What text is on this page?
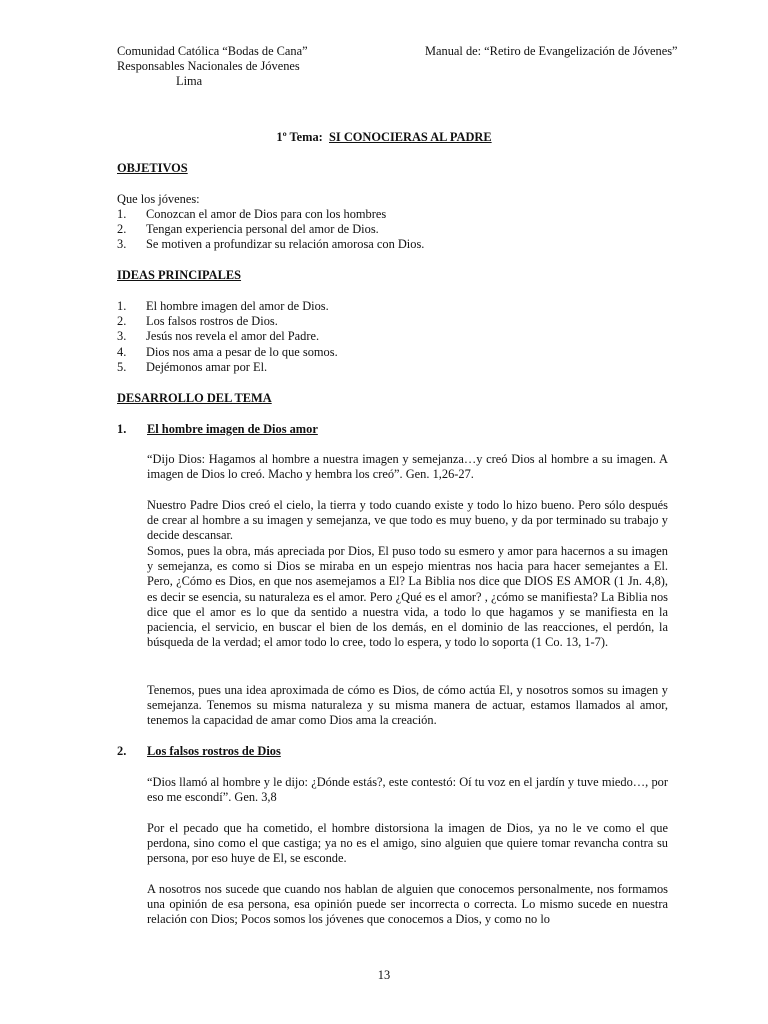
Comunidad Católica “Bodas de Cana”
Responsables Nacionales de Jóvenes
Lima
Manual de: “Retiro de Evangelización de Jóvenes”
1º Tema: SI CONOCIERAS AL PADRE
OBJETIVOS
Que los jóvenes:
1. Conozcan el amor de Dios para con los hombres
2. Tengan experiencia personal del amor de Dios.
3. Se motiven a profundizar su relación amorosa con Dios.
IDEAS PRINCIPALES
1. El hombre imagen del amor de Dios.
2. Los falsos rostros de Dios.
3. Jesús nos revela el amor del Padre.
4. Dios nos ama a pesar de lo que somos.
5. Dejémonos amar por El.
DESARROLLO DEL TEMA
1. El hombre imagen de Dios amor
“Dijo Dios: Hagamos al hombre a nuestra imagen y semejanza…y creó Dios al hombre a su imagen. A imagen de Dios lo creó. Macho y hembra los creó”. Gen. 1,26-27.
Nuestro Padre Dios creó el cielo, la tierra y todo cuando existe y todo lo hizo bueno. Pero sólo después de crear al hombre a su imagen y semejanza, ve que todo es muy bueno, y da por terminado su trabajo y decide descansar.
Somos, pues la obra, más apreciada por Dios, El puso todo su esmero y amor para hacernos a su imagen y semejanza, es como si Dios se miraba en un espejo mientras nos hacia para hacer semejantes a El. Pero, ¿Cómo es Dios, en que nos asemejamos a El? La Biblia nos dice que DIOS ES AMOR (1 Jn. 4,8), es decir se esencia, su naturaleza es el amor. Pero ¿Qué es el amor? , ¿cómo se manifiesta? La Biblia nos dice que el amor es lo que da sentido a nuestra vida, a todo lo que hagamos y se manifiesta en la paciencia, el servicio, en buscar el bien de los demás, en el dominio de las reacciones, el perdón, la búsqueda de la verdad; el amor todo lo cree, todo lo espera, y todo lo soporta (1 Co. 13, 1-7).
Tenemos, pues una idea aproximada de cómo es Dios, de cómo actúa El, y nosotros somos su imagen y semejanza. Tenemos su misma naturaleza y su misma manera de actuar, estamos llamados al amor, tenemos la capacidad de amar como Dios ama la creación.
2. Los falsos rostros de Dios
“Dios llamó al hombre y le dijo: ¿Dónde estás?, este contestó: Oí tu voz en el jardín y tuve miedo…, por eso me escondí”. Gen. 3,8
Por el pecado que ha cometido, el hombre distorsiona la imagen de Dios, ya no le ve como el que perdona, sino como el que castiga; ya no es el amigo, sino alguien que quiere tomar revancha contra su persona, por eso huye de El, se esconde.
A nosotros nos sucede que cuando nos hablan de alguien que conocemos personalmente, nos formamos una opinión de esa persona, esa opinión puede ser incorrecta o correcta. Lo mismo sucede en nuestra relación con Dios; Pocos somos los jóvenes que conocemos a Dios, y como no lo
13
